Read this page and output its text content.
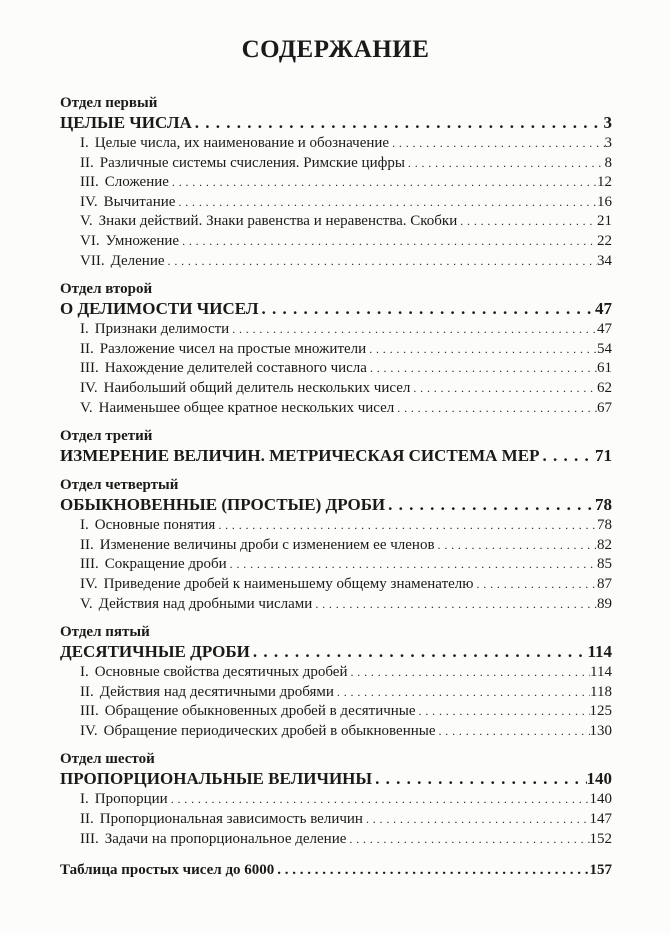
СОДЕРЖАНИЕ
Отдел первый
ЦЕЛЫЕ ЧИСЛА . . .	3
I. Целые числа, их наименование и обозначение . . .	3
II. Различные системы счисления. Римские цифры . . .	8
III. Сложение . . .	12
IV. Вычитание . . .	16
V. Знаки действий. Знаки равенства и неравенства. Скобки . . .	21
VI. Умножение . . .	22
VII. Деление . . .	34
Отдел второй
О ДЕЛИМОСТИ ЧИСЕЛ . . .	47
I. Признаки делимости . . .	47
II. Разложение чисел на простые множители . . .	54
III. Нахождение делителей составного числа . . .	61
IV. Наибольший общий делитель нескольких чисел . . .	62
V. Наименьшее общее кратное нескольких чисел . . .	67
Отдел третий
ИЗМЕРЕНИЕ ВЕЛИЧИН. МЕТРИЧЕСКАЯ СИСТЕМА МЕР . . .	71
Отдел четвертый
ОБЫКНОВЕННЫЕ (ПРОСТЫЕ) ДРОБИ . . .	78
I. Основные понятия . . .	78
II. Изменение величины дроби с изменением ее членов . . .	82
III. Сокращение дроби . . .	85
IV. Приведение дробей к наименьшему общему знаменателю . . .	87
V. Действия над дробными числами . . .	89
Отдел пятый
ДЕСЯТИЧНЫЕ ДРОБИ . . .	114
I. Основные свойства десятичных дробей . . .	114
II. Действия над десятичными дробями . . .	118
III. Обращение обыкновенных дробей в десятичные . . .	125
IV. Обращение периодических дробей в обыкновенные . . .	130
Отдел шестой
ПРОПОРЦИОНАЛЬНЫЕ ВЕЛИЧИНЫ . . .	140
I. Пропорции . . .	140
II. Пропорциональная зависимость величин . . .	147
III. Задачи на пропорциональное деление . . .	152
Таблица простых чисел до 6000 . . .	157
